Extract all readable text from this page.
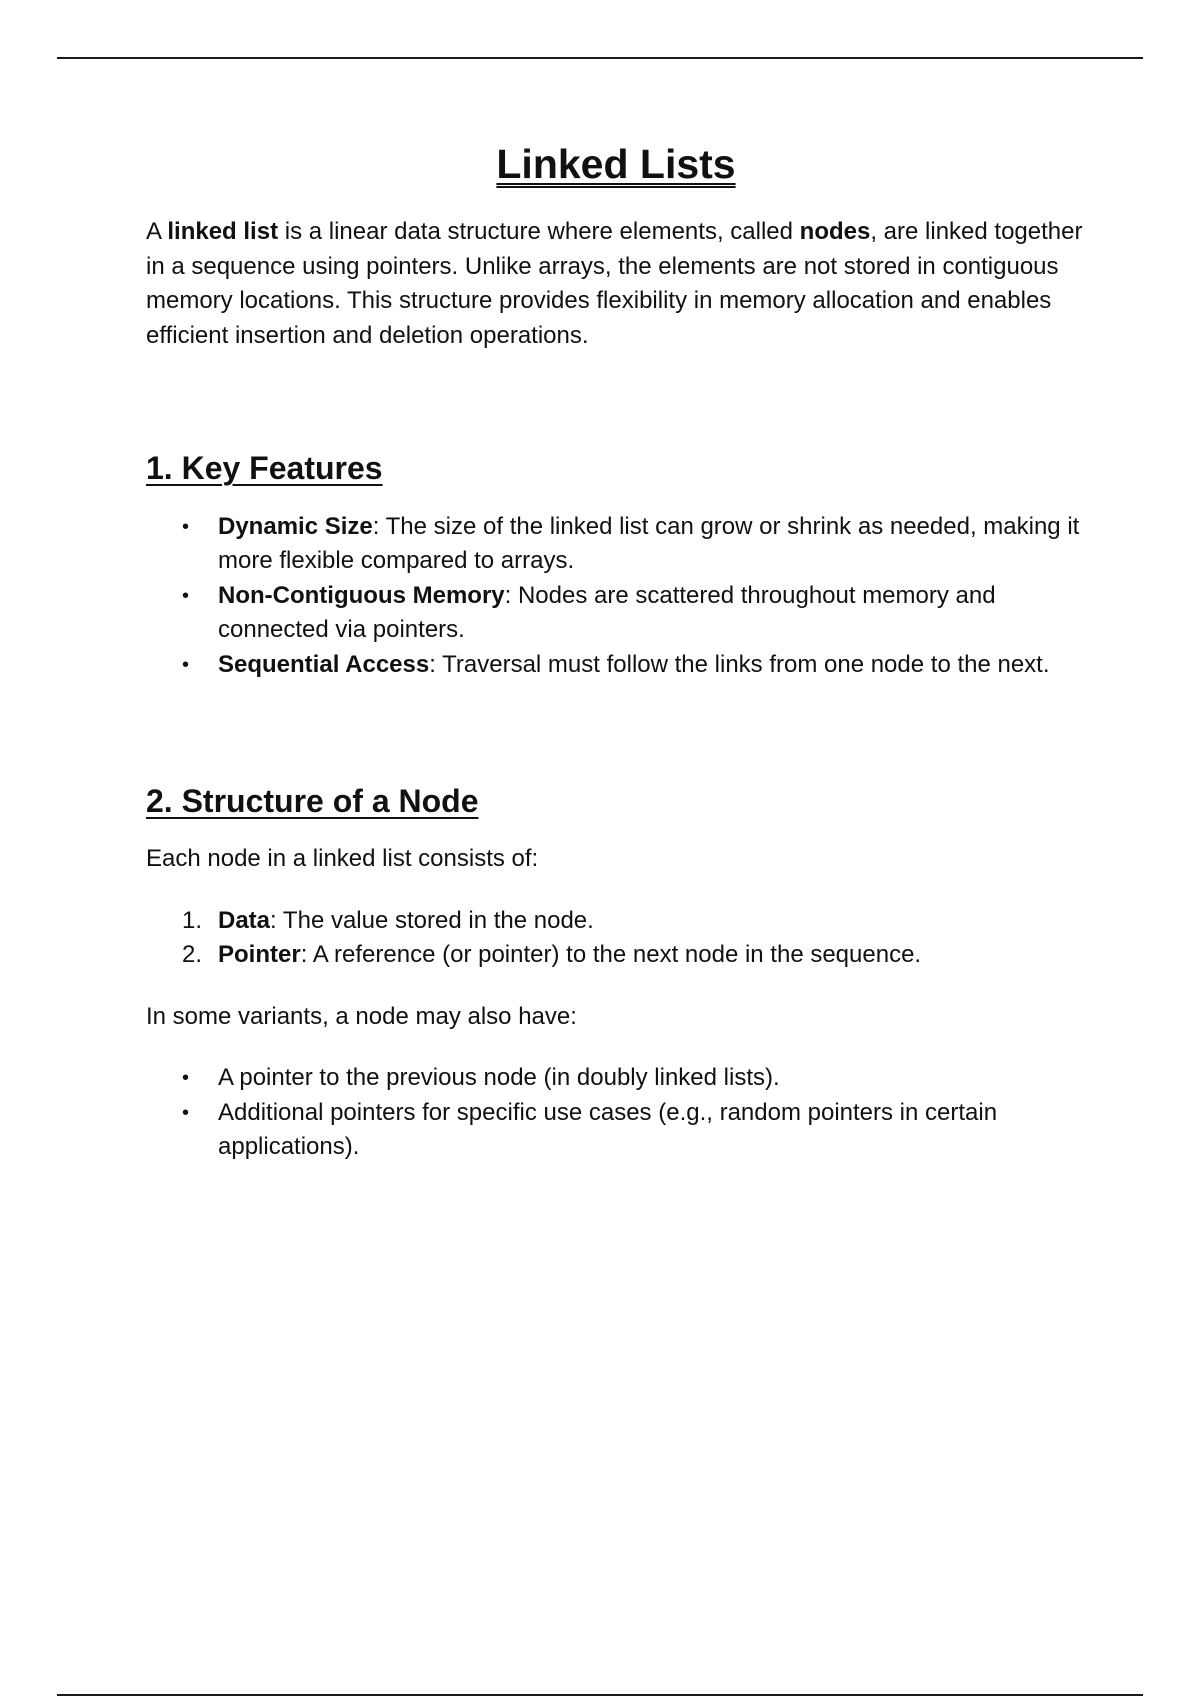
Linked Lists

A linked list is a linear data structure where elements, called nodes, are linked together in a sequence using pointers. Unlike arrays, the elements are not stored in contiguous memory locations. This structure provides flexibility in memory allocation and enables efficient insertion and deletion operations.

1. Key Features
• Dynamic Size: The size of the linked list can grow or shrink as needed, making it more flexible compared to arrays.
• Non-Contiguous Memory: Nodes are scattered throughout memory and connected via pointers.
• Sequential Access: Traversal must follow the links from one node to the next.
2. Structure of a Node

Each node in a linked list consists of:

1. Data: The value stored in the node.
2. Pointer: A reference (or pointer) to the next node in the sequence.

In some variants, a node may also have:

• A pointer to the previous node (in doubly linked lists).
• Additional pointers for specific use cases (e.g., random pointers in certain applications).
